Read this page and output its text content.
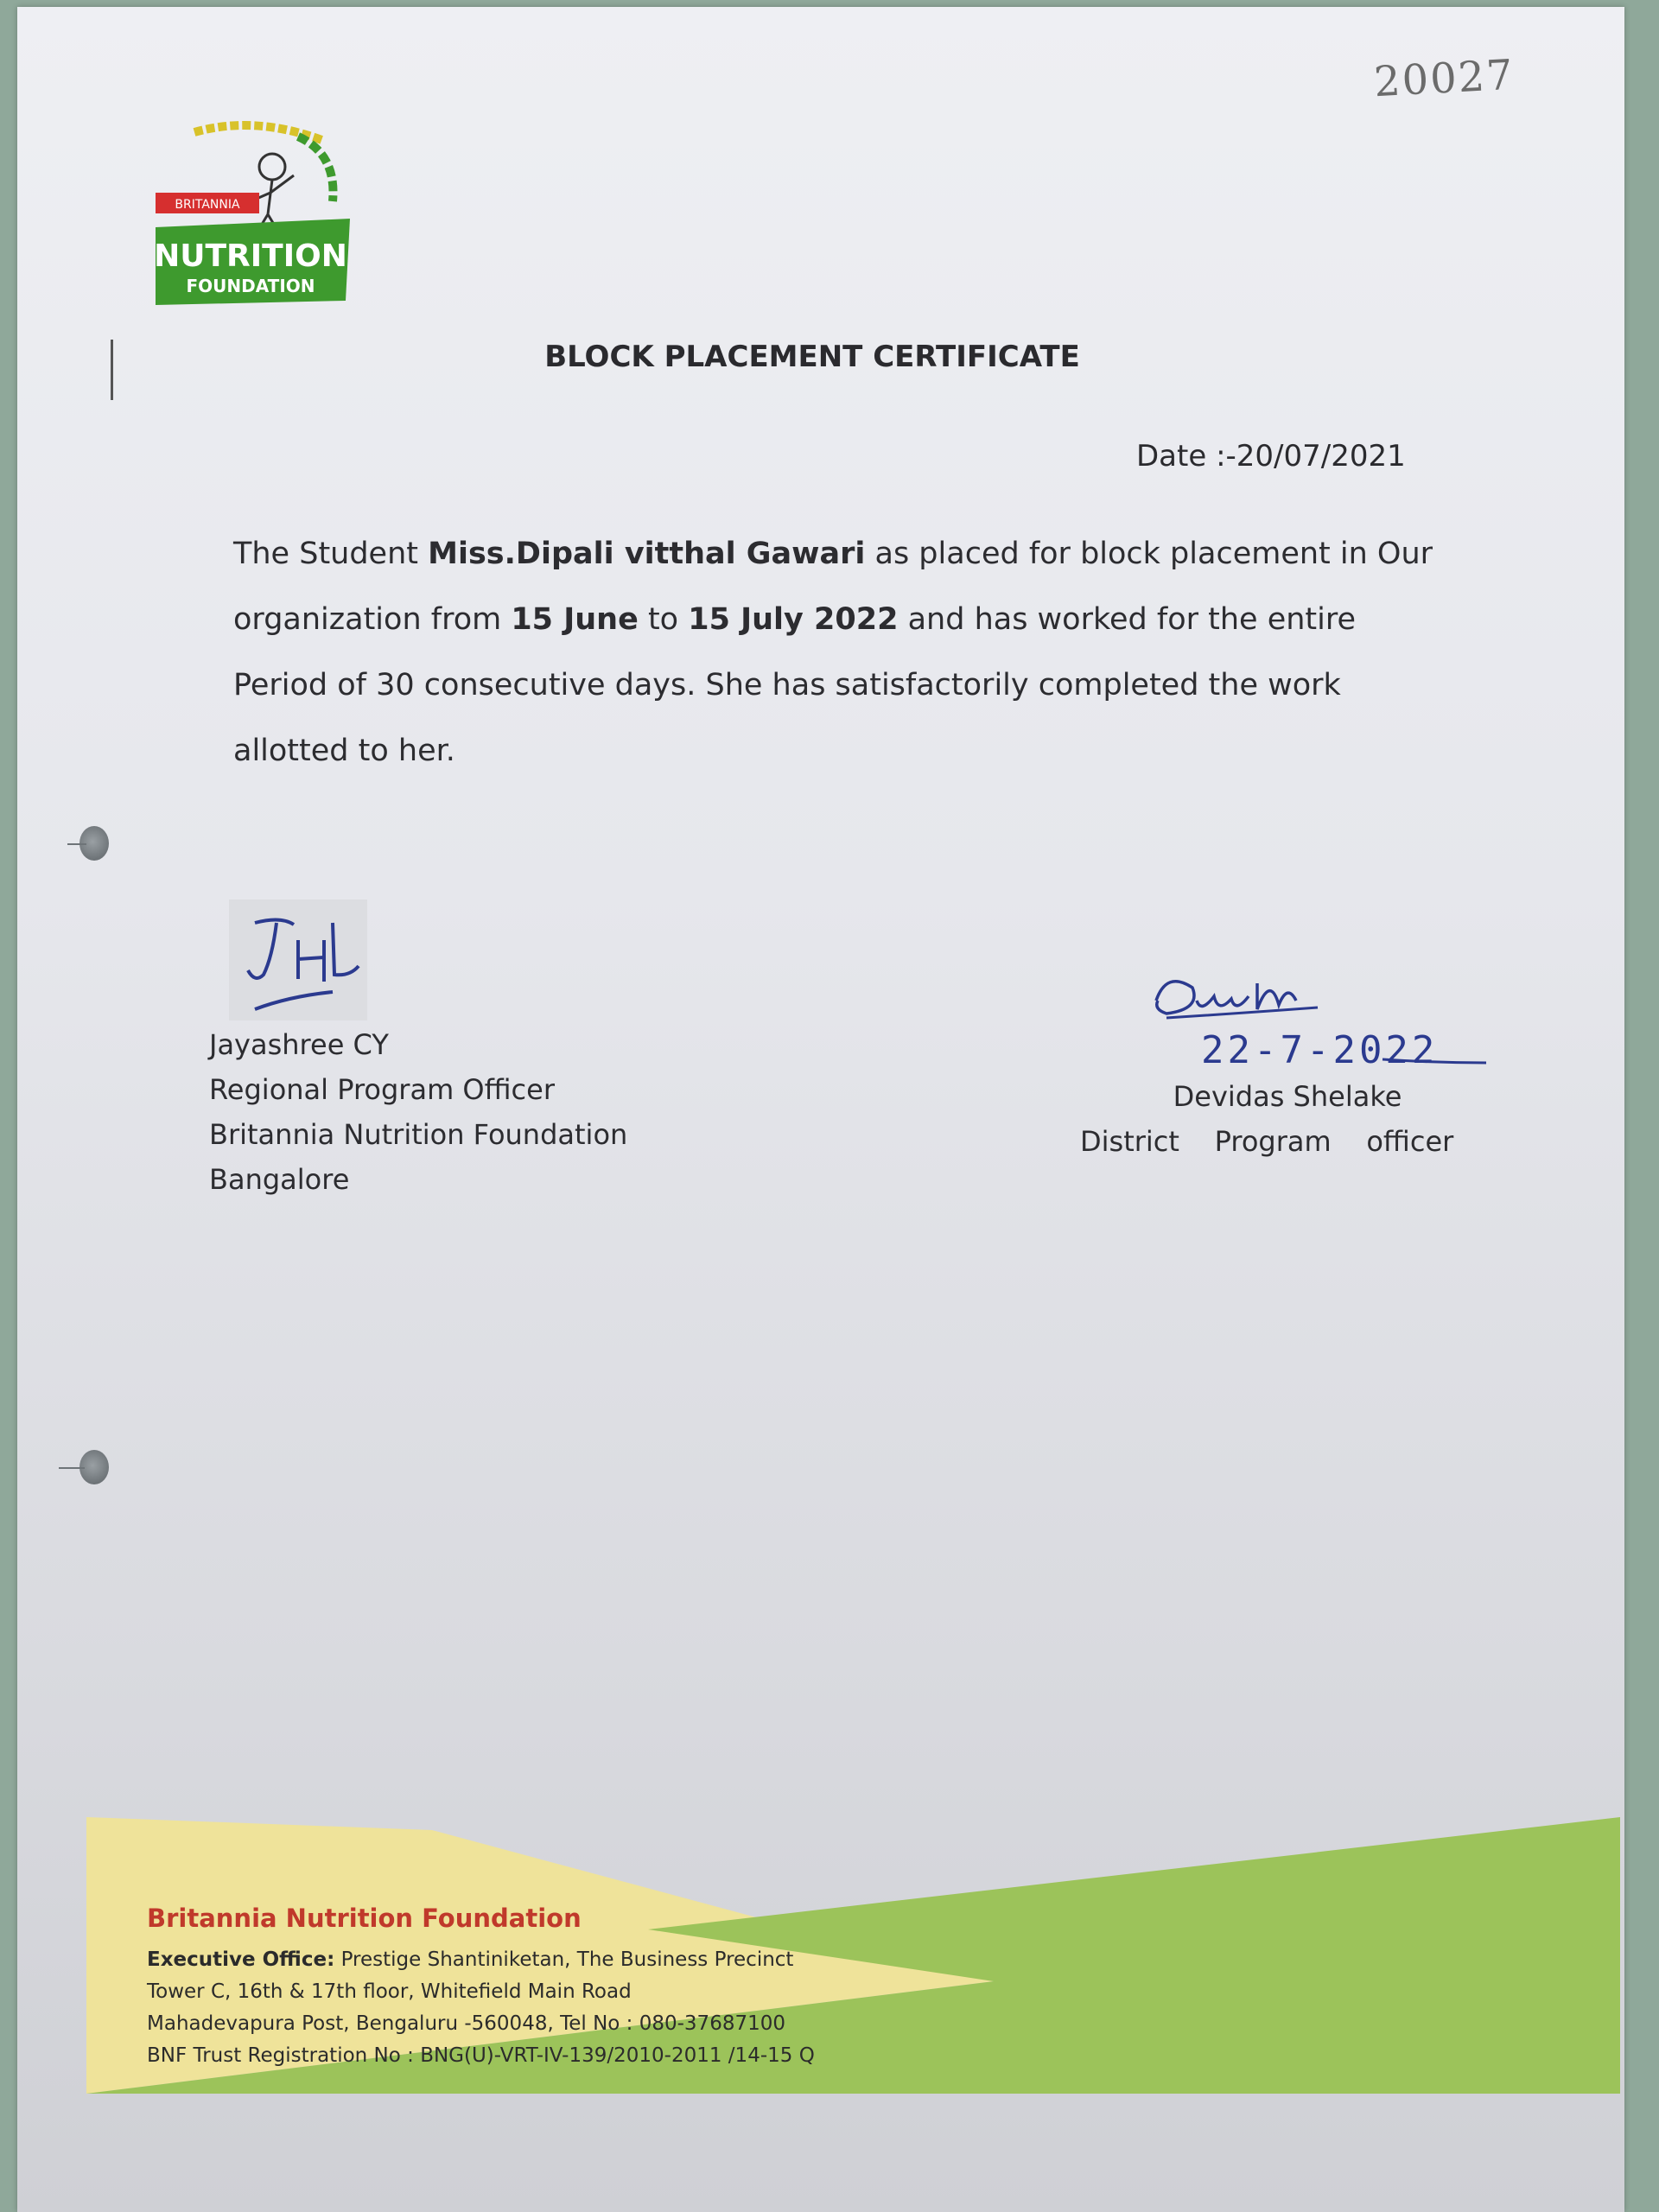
20027
BRITANNIA
NUTRITION
FOUNDATION
BLOCK PLACEMENT CERTIFICATE
Date :-20/07/2021
The Student Miss.Dipali vitthal Gawari as placed for block placement in Our organization from 15 June to 15 July 2022 and has worked for the entire Period of 30 consecutive days. She has satisfactorily completed the work allotted to her.
Jayashree CY
Regional Program Officer
Britannia Nutrition Foundation
Bangalore
22-7-2022
Devidas Shelake
District    Program    officer
Britannia Nutrition Foundation
Executive Office: Prestige Shantiniketan, The Business Precinct
Tower C, 16th & 17th floor, Whitefield Main Road
Mahadevapura Post, Bengaluru -560048, Tel No : 080-37687100
BNF Trust Registration No : BNG(U)-VRT-IV-139/2010-2011 /14-15 Q
